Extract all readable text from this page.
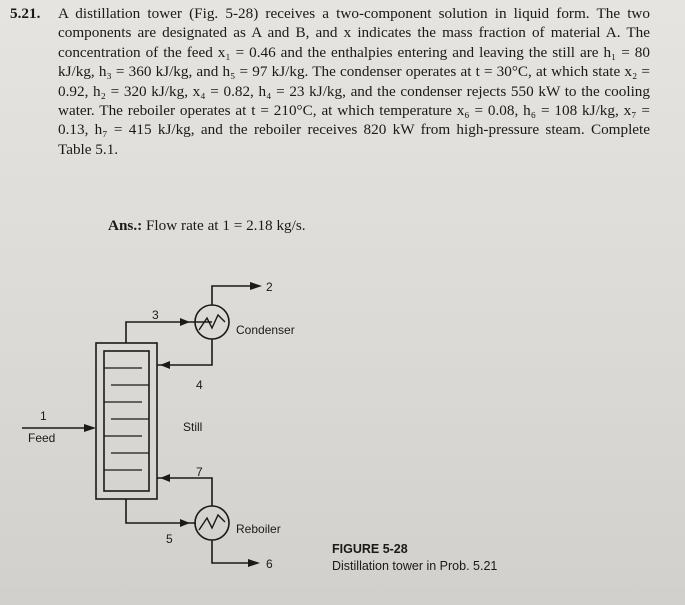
5.21. A distillation tower (Fig. 5-28) receives a two-component solution in liquid form. The two components are designated as A and B, and x indicates the mass fraction of material A. The concentration of the feed x₁ = 0.46 and the enthalpies entering and leaving the still are h₁ = 80 kJ/kg, h₃ = 360 kJ/kg, and h₅ = 97 kJ/kg. The condenser operates at t = 30°C, at which state x₂ = 0.92, h₂ = 320 kJ/kg, x₄ = 0.82, h₄ = 23 kJ/kg, and the condenser rejects 550 kW to the cooling water. The reboiler operates at t = 210°C, at which temperature x₆ = 0.08, h₆ = 108 kJ/kg, x₇ = 0.13, h₇ = 415 kJ/kg, and the reboiler receives 820 kW from high-pressure steam. Complete Table 5.1.
Ans.: Flow rate at 1 = 2.18 kg/s.
2
3
4
1
Feed
Still
Condenser
7
Reboiler
5
6
FIGURE 5-28
Distillation tower in Prob. 5.21
